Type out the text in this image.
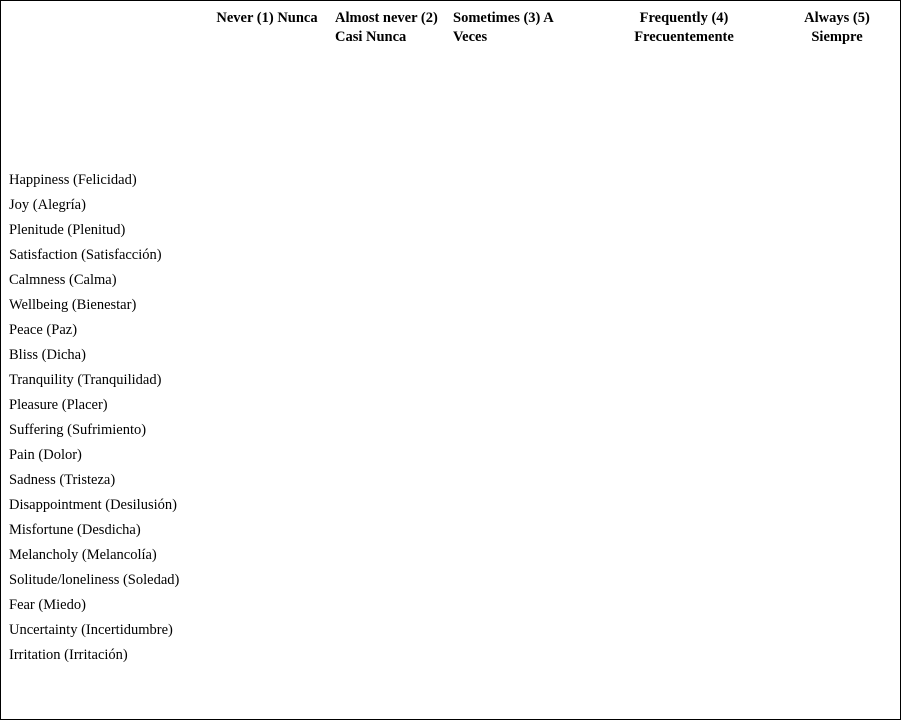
Never (1) Nunca	Almost never (2) Casi Nunca
Sometimes (3) A Veces
Frequently (4) Frecuentemente
Always (5) Siempre
Happiness (Felicidad)
Joy (Alegría)
Plenitude (Plenitud)
Satisfaction (Satisfacción)
Calmness (Calma)
Wellbeing (Bienestar)
Peace (Paz)
Bliss (Dicha)
Tranquility (Tranquilidad)
Pleasure (Placer)
Suffering (Sufrimiento)
Pain (Dolor)
Sadness (Tristeza)
Disappointment (Desilusión)
Misfortune (Desdicha)
Melancholy (Melancolía)
Solitude/loneliness (Soledad)
Fear (Miedo)
Uncertainty (Incertidumbre)
Irritation (Irritación)
